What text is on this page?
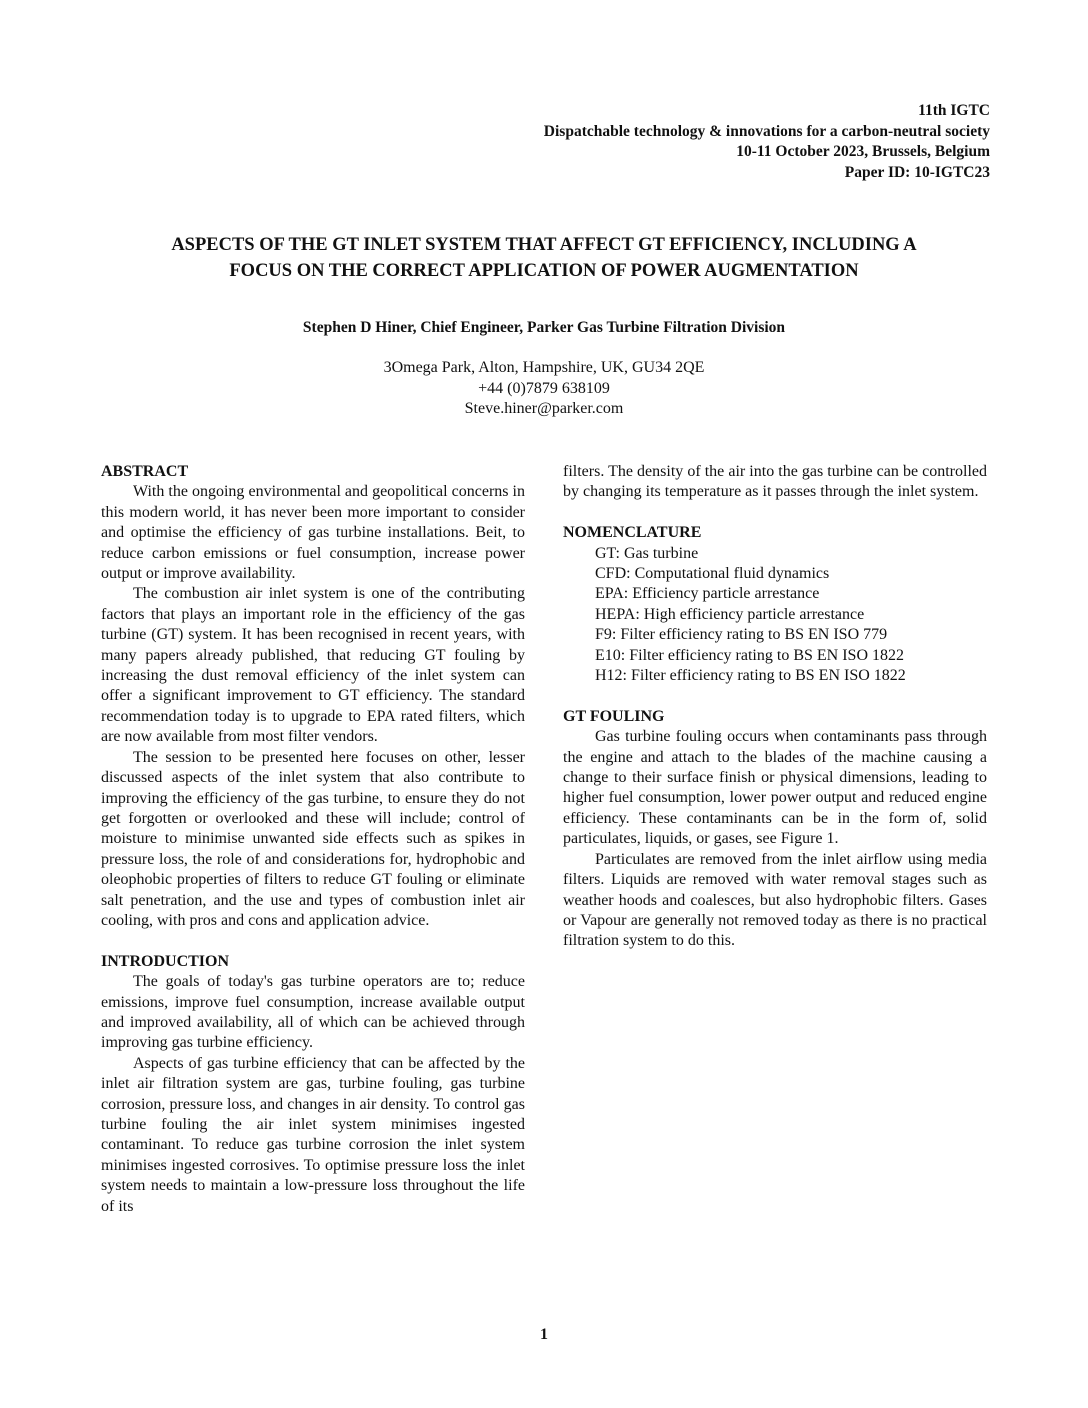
11th IGTC
Dispatchable technology & innovations for a carbon-neutral society
10-11 October 2023, Brussels, Belgium
Paper ID: 10-IGTC23
ASPECTS OF THE GT INLET SYSTEM THAT AFFECT GT EFFICIENCY, INCLUDING A
FOCUS ON THE CORRECT APPLICATION OF POWER AUGMENTATION
Stephen D Hiner, Chief Engineer, Parker Gas Turbine Filtration Division
3Omega Park, Alton, Hampshire, UK, GU34 2QE
+44 (0)7879 638109
Steve.hiner@parker.com
ABSTRACT

With the ongoing environmental and geopolitical concerns in this modern world, it has never been more important to consider and optimise the efficiency of gas turbine installations. Beit, to reduce carbon emissions or fuel consumption, increase power output or improve availability.

The combustion air inlet system is one of the contributing factors that plays an important role in the efficiency of the gas turbine (GT) system. It has been recognised in recent years, with many papers already published, that reducing GT fouling by increasing the dust removal efficiency of the inlet system can offer a significant improvement to GT efficiency. The standard recommendation today is to upgrade to EPA rated filters, which are now available from most filter vendors.

The session to be presented here focuses on other, lesser discussed aspects of the inlet system that also contribute to improving the efficiency of the gas turbine, to ensure they do not get forgotten or overlooked and these will include; control of moisture to minimise unwanted side effects such as spikes in pressure loss, the role of and considerations for, hydrophobic and oleophobic properties of filters to reduce GT fouling or eliminate salt penetration, and the use and types of combustion inlet air cooling, with pros and cons and application advice.

INTRODUCTION

The goals of today's gas turbine operators are to; reduce emissions, improve fuel consumption, increase available output and improved availability, all of which can be achieved through improving gas turbine efficiency.

Aspects of gas turbine efficiency that can be affected by the inlet air filtration system are gas, turbine fouling, gas turbine corrosion, pressure loss, and changes in air density. To control gas turbine fouling the air inlet system minimises ingested contaminant. To reduce gas turbine corrosion the inlet system minimises ingested corrosives. To optimise pressure loss the inlet system needs to maintain a low-pressure loss throughout the life of its

filters. The density of the air into the gas turbine can be controlled by changing its temperature as it passes through the inlet system.

NOMENCLATURE
GT: Gas turbine
CFD: Computational fluid dynamics
EPA: Efficiency particle arrestance
HEPA: High efficiency particle arrestance
F9: Filter efficiency rating to BS EN ISO 779
E10: Filter efficiency rating to BS EN ISO 1822
H12: Filter efficiency rating to BS EN ISO 1822
GT FOULING

Gas turbine fouling occurs when contaminants pass through the engine and attach to the blades of the machine causing a change to their surface finish or physical dimensions, leading to higher fuel consumption, lower power output and reduced engine efficiency. These contaminants can be in the form of, solid particulates, liquids, or gases, see Figure 1.

Particulates are removed from the inlet airflow using media filters. Liquids are removed with water removal stages such as weather hoods and coalesces, but also hydrophobic filters. Gases or Vapour are generally not removed today as there is no practical filtration system to do this.

1
